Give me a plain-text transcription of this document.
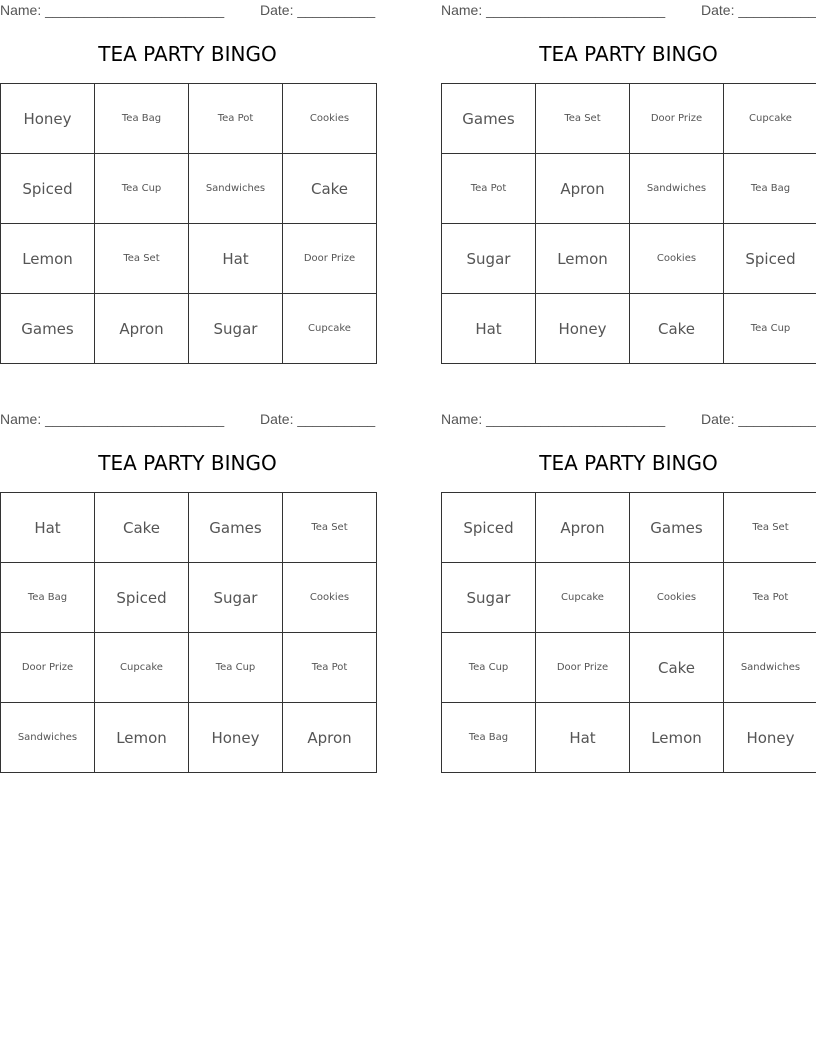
Name: _______________________	Date: __________
TEA PARTY BINGO
Honey	Tea Bag	Tea Pot	Cookies
Spiced	Tea Cup	Sandwiches	Cake
Lemon	Tea Set	Hat	Door Prize
Games	Apron	Sugar	Cupcake
Name: _______________________	Date: __________
TEA PARTY BINGO
Games	Tea Set	Door Prize	Cupcake
Tea Pot	Apron	Sandwiches	Tea Bag
Sugar	Lemon	Cookies	Spiced
Hat	Honey	Cake	Tea Cup
Name: _______________________	Date: __________
TEA PARTY BINGO
Hat	Cake	Games	Tea Set
Tea Bag	Spiced	Sugar	Cookies
Door Prize	Cupcake	Tea Cup	Tea Pot
Sandwiches	Lemon	Honey	Apron
Name: _______________________	Date: __________
TEA PARTY BINGO
Spiced	Apron	Games	Tea Set
Sugar	Cupcake	Cookies	Tea Pot
Tea Cup	Door Prize	Cake	Sandwiches
Tea Bag	Hat	Lemon	Honey
